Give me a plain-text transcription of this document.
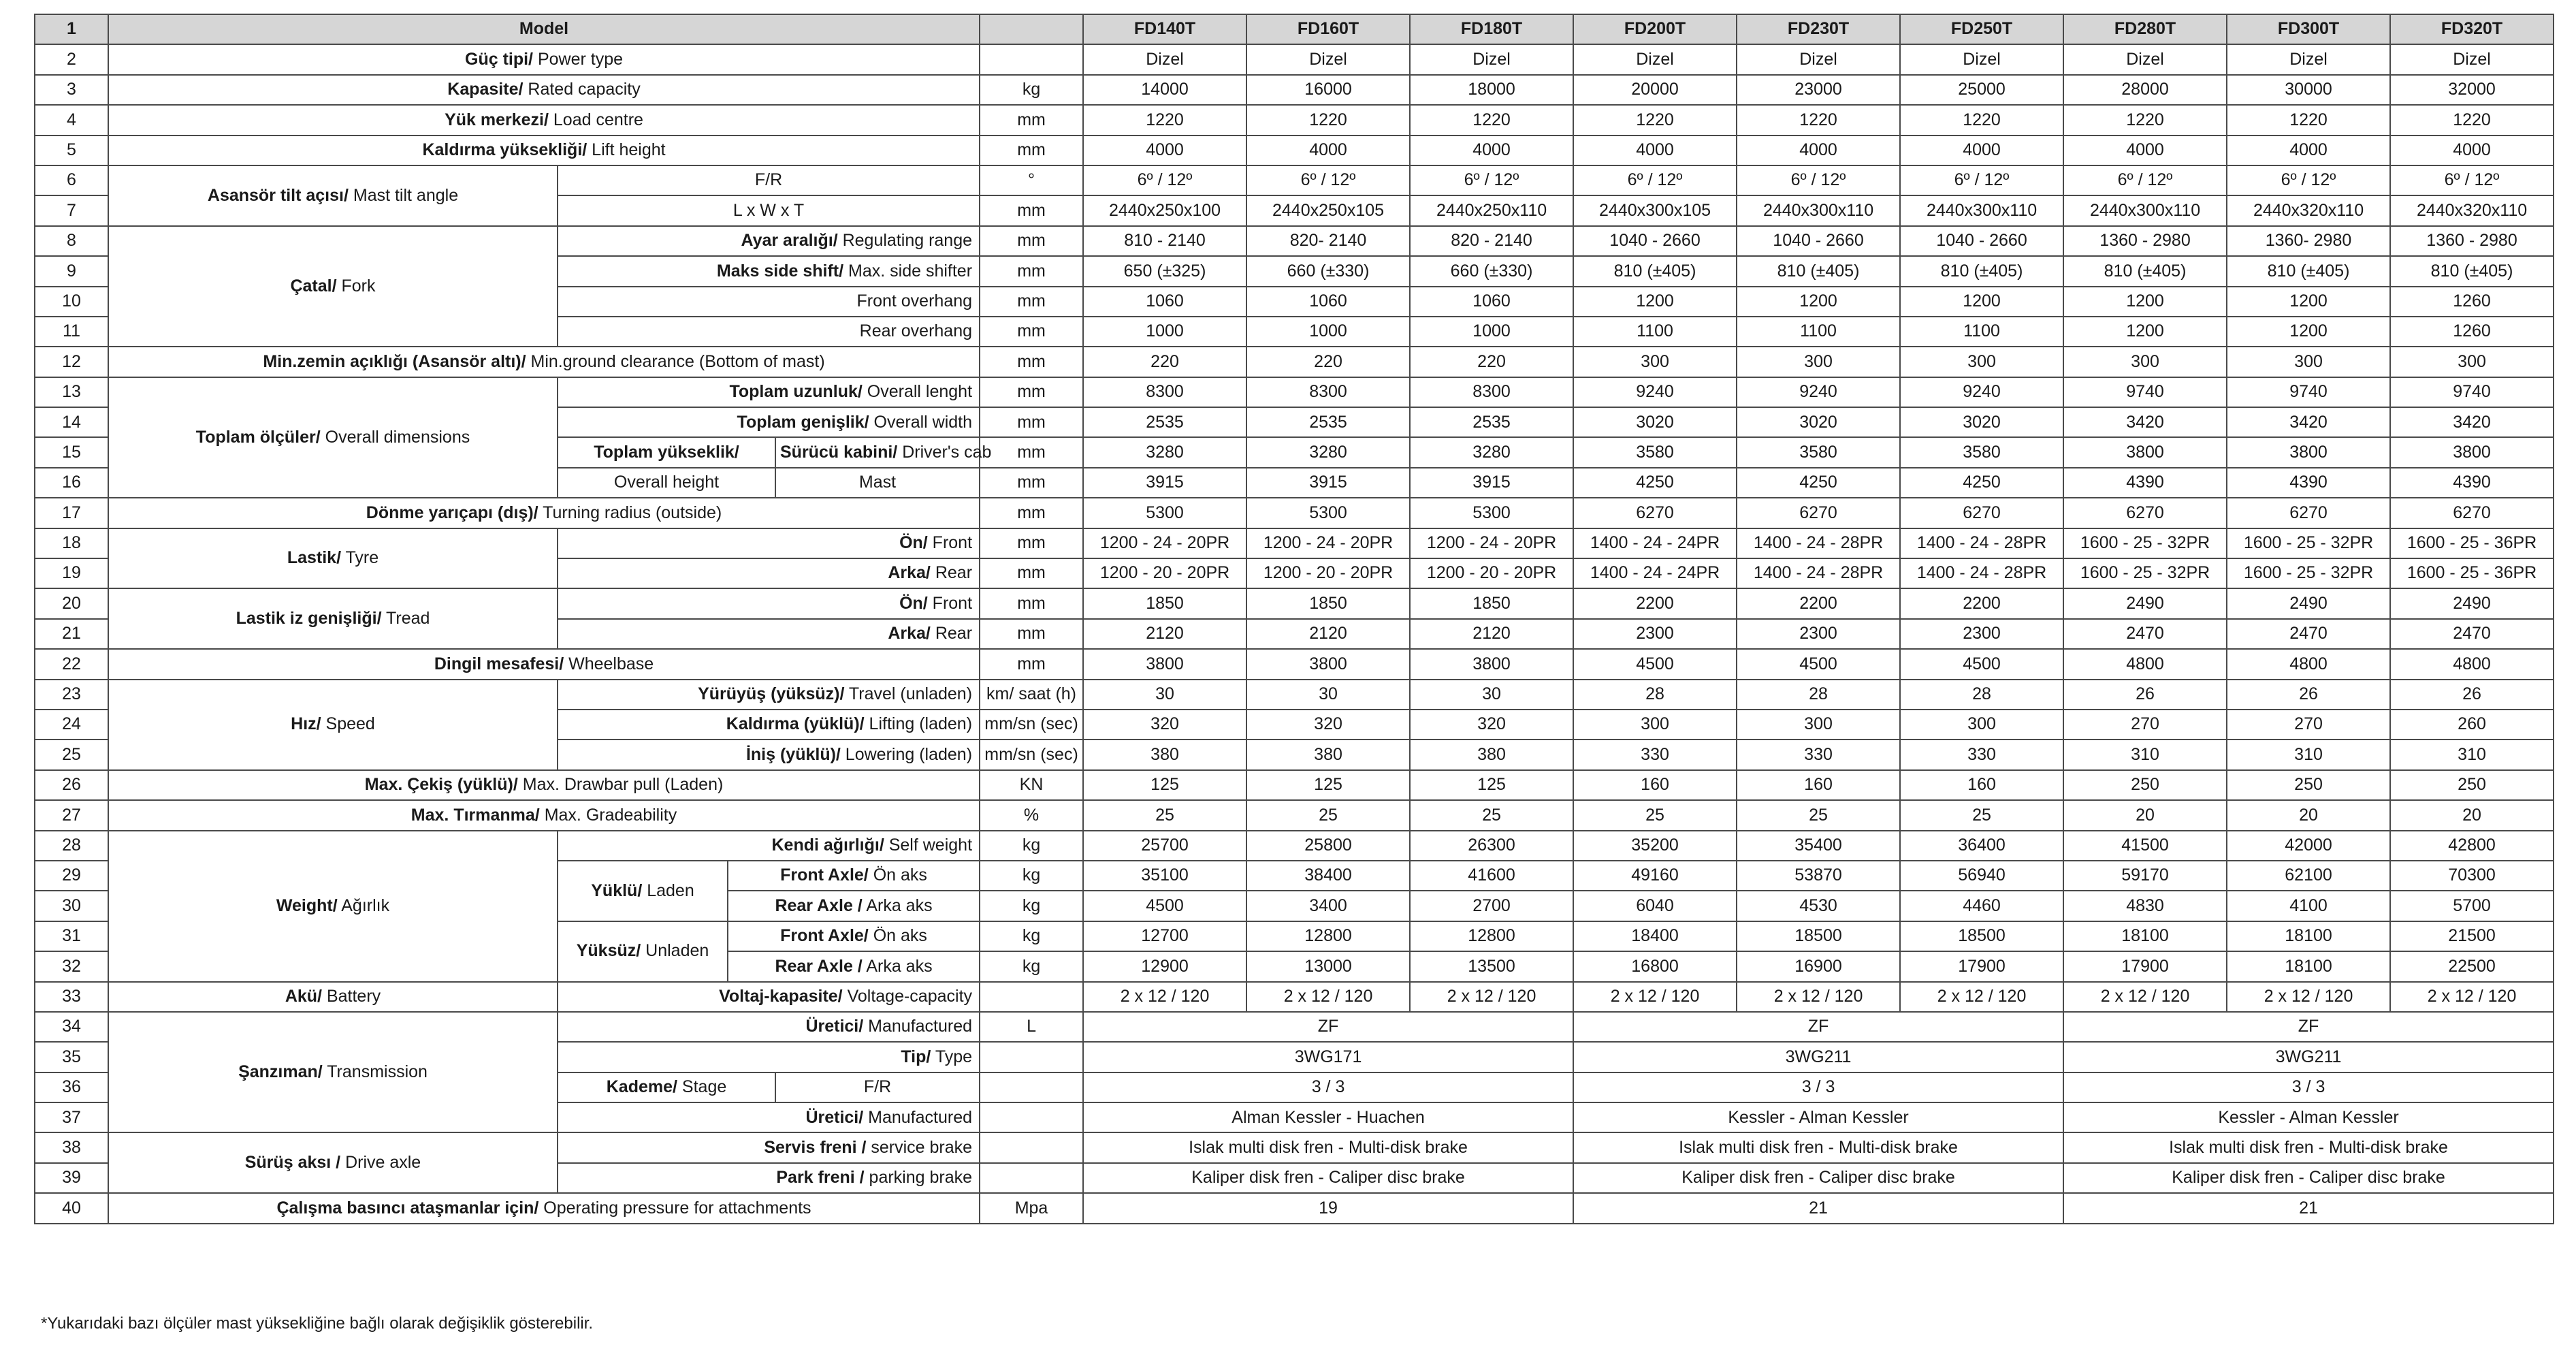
1	Model					FD140T	FD160T	FD180T	FD200T	FD230T	FD250T	FD280T	FD300T	FD320T
2	Güç tipi/ Power type					Dizel	Dizel	Dizel	Dizel	Dizel	Dizel	Dizel	Dizel	Dizel
3	Kapasite/ Rated capacity				kg	14000	16000	18000	20000	23000	25000	28000	30000	32000
4	Yük merkezi/ Load centre				mm	1220	1220	1220	1220	1220	1220	1220	1220	1220
5	Kaldırma yüksekliği/ Lift height				mm	4000	4000	4000	4000	4000	4000	4000	4000	4000
6	Asansör tilt açısı/ Mast tilt angle	F/R			°	6º / 12º	6º / 12º	6º / 12º	6º / 12º	6º / 12º	6º / 12º	6º / 12º	6º / 12º	6º / 12º
7		L x W x T			mm	2440x250x100	2440x250x105	2440x250x110	2440x300x105	2440x300x110	2440x300x110	2440x300x110	2440x320x110	2440x320x110
8	Çatal/ Fork	Ayar aralığı/ Regulating range			mm	810 - 2140	820- 2140	820 - 2140	1040 - 2660	1040 - 2660	1040 - 2660	1360 - 2980	1360- 2980	1360 - 2980
9		Maks side shift/ Max. side shifter			mm	650 (±325)	660 (±330)	660 (±330)	810 (±405)	810 (±405)	810 (±405)	810 (±405)	810 (±405)	810 (±405)
10		Front overhang			mm	1060	1060	1060	1200	1200	1200	1200	1200	1260
11		Rear overhang			mm	1000	1000	1000	1100	1100	1100	1200	1200	1260
12	Min.zemin açıklığı (Asansör altı)/ Min.ground clearance (Bottom of mast)				mm	220	220	220	300	300	300	300	300	300
13	Toplam ölçüler/ Overall dimensions	Toplam uzunluk/ Overall lenght			mm	8300	8300	8300	9240	9240	9240	9740	9740	9740
14		Toplam genişlik/ Overall width			mm	2535	2535	2535	3020	3020	3020	3420	3420	3420
15		Toplam yükseklik/		Sürücü kabini/ Driver's cab	mm	3280	3280	3280	3580	3580	3580	3800	3800	3800
16		Overall height		Mast	mm	3915	3915	3915	4250	4250	4250	4390	4390	4390
17	Dönme yarıçapı (dış)/ Turning radius (outside)				mm	5300	5300	5300	6270	6270	6270	6270	6270	6270
18	Lastik/ Tyre	Ön/ Front			mm	1200 - 24 - 20PR	1200 - 24 - 20PR	1200 - 24 - 20PR	1400 - 24 - 24PR	1400 - 24 - 28PR	1400 - 24 - 28PR	1600 - 25 - 32PR	1600 - 25 - 32PR	1600 - 25 - 36PR
19		Arka/ Rear			mm	1200 - 20 - 20PR	1200 - 20 - 20PR	1200 - 20 - 20PR	1400 - 24 - 24PR	1400 - 24 - 28PR	1400 - 24 - 28PR	1600 - 25 - 32PR	1600 - 25 - 32PR	1600 - 25 - 36PR
20	Lastik iz genişliği/ Tread	Ön/ Front			mm	1850	1850	1850	2200	2200	2200	2490	2490	2490
21		Arka/ Rear			mm	2120	2120	2120	2300	2300	2300	2470	2470	2470
22	Dingil mesafesi/ Wheelbase				mm	3800	3800	3800	4500	4500	4500	4800	4800	4800
23	Hız/ Speed	Yürüyüş (yüksüz)/ Travel (unladen)			km/ saat (h)	30	30	30	28	28	28	26	26	26
24		Kaldırma (yüklü)/ Lifting (laden)			mm/sn (sec)	320	320	320	300	300	300	270	270	260
25		İniş (yüklü)/ Lowering (laden)			mm/sn (sec)	380	380	380	330	330	330	310	310	310
26	Max. Çekiş (yüklü)/ Max. Drawbar pull (Laden)				KN	125	125	125	160	160	160	250	250	250
27	Max. Tırmanma/ Max. Gradeability				%	25	25	25	25	25	25	20	20	20
28	Weight/ Ağırlık	Kendi ağırlığı/ Self weight			kg	25700	25800	26300	35200	35400	36400	41500	42000	42800
29		Yüklü/ Laden	Front Axle/ Ön aks		kg	35100	38400	41600	49160	53870	56940	59170	62100	70300
30			Rear Axle / Arka aks		kg	4500	3400	2700	6040	4530	4460	4830	4100	5700
31		Yüksüz/ Unladen	Front Axle/ Ön aks		kg	12700	12800	12800	18400	18500	18500	18100	18100	21500
32			Rear Axle / Arka aks		kg	12900	13000	13500	16800	16900	17900	17900	18100	22500
33	Akü/ Battery	Voltaj-kapasite/ Voltage-capacity				2 x 12 / 120	2 x 12 / 120	2 x 12 / 120	2 x 12 / 120	2 x 12 / 120	2 x 12 / 120	2 x 12 / 120	2 x 12 / 120	2 x 12 / 120
34	Şanzıman/ Transmission	Üretici/ Manufactured			L	ZF			ZF			ZF		
35		Tip/ Type				3WG171			3WG211			3WG211		
36		Kademe/ Stage		F/R		3 / 3			3 / 3			3 / 3		
37		Üretici/ Manufactured				Alman Kessler - Huachen			Kessler - Alman Kessler			Kessler - Alman Kessler		
38	Sürüş aksı / Drive axle	Servis freni / service brake				Islak multi disk fren - Multi-disk brake			Islak multi disk fren - Multi-disk brake			Islak multi disk fren - Multi-disk brake		
39		Park freni / parking brake				Kaliper disk fren - Caliper disc brake			Kaliper disk fren - Caliper disc brake			Kaliper disk fren - Caliper disc brake		
40	Çalışma basıncı ataşmanlar için/ Operating pressure for attachments				Mpa	19			21			21		
*Yukarıdaki bazı ölçüler mast yüksekliğine bağlı olarak değişiklik gösterebilir.
